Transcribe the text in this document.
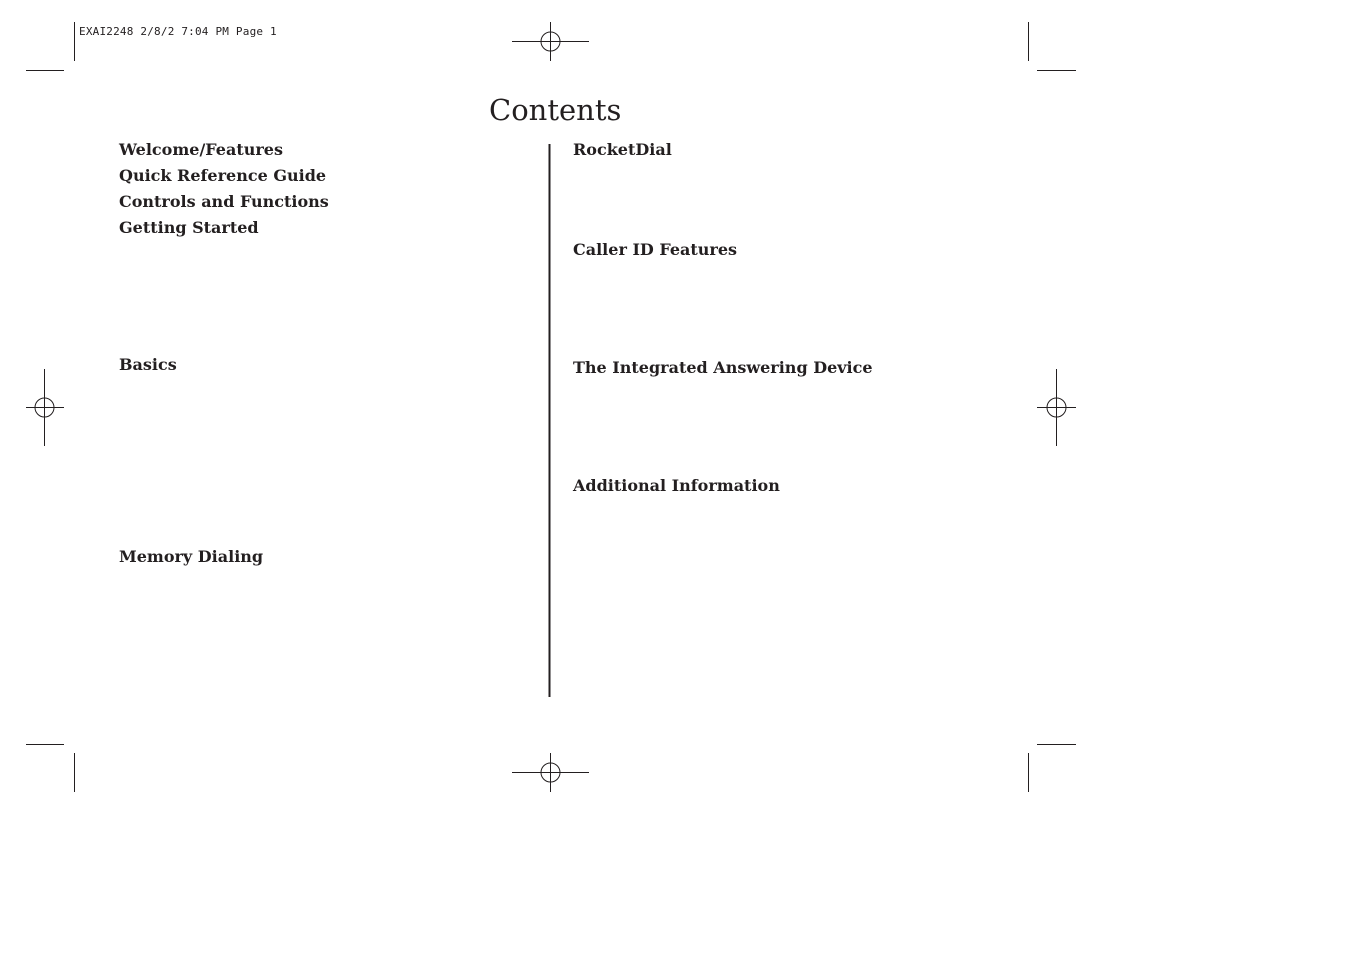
EXAI2248 2/8/2 7:04 PM Page 1
Contents
Welcome/Features
Quick Reference Guide
Controls and Functions
Getting Started
Basics
Memory Dialing
RocketDial
Caller ID Features
The Integrated Answering Device
Additional Information
